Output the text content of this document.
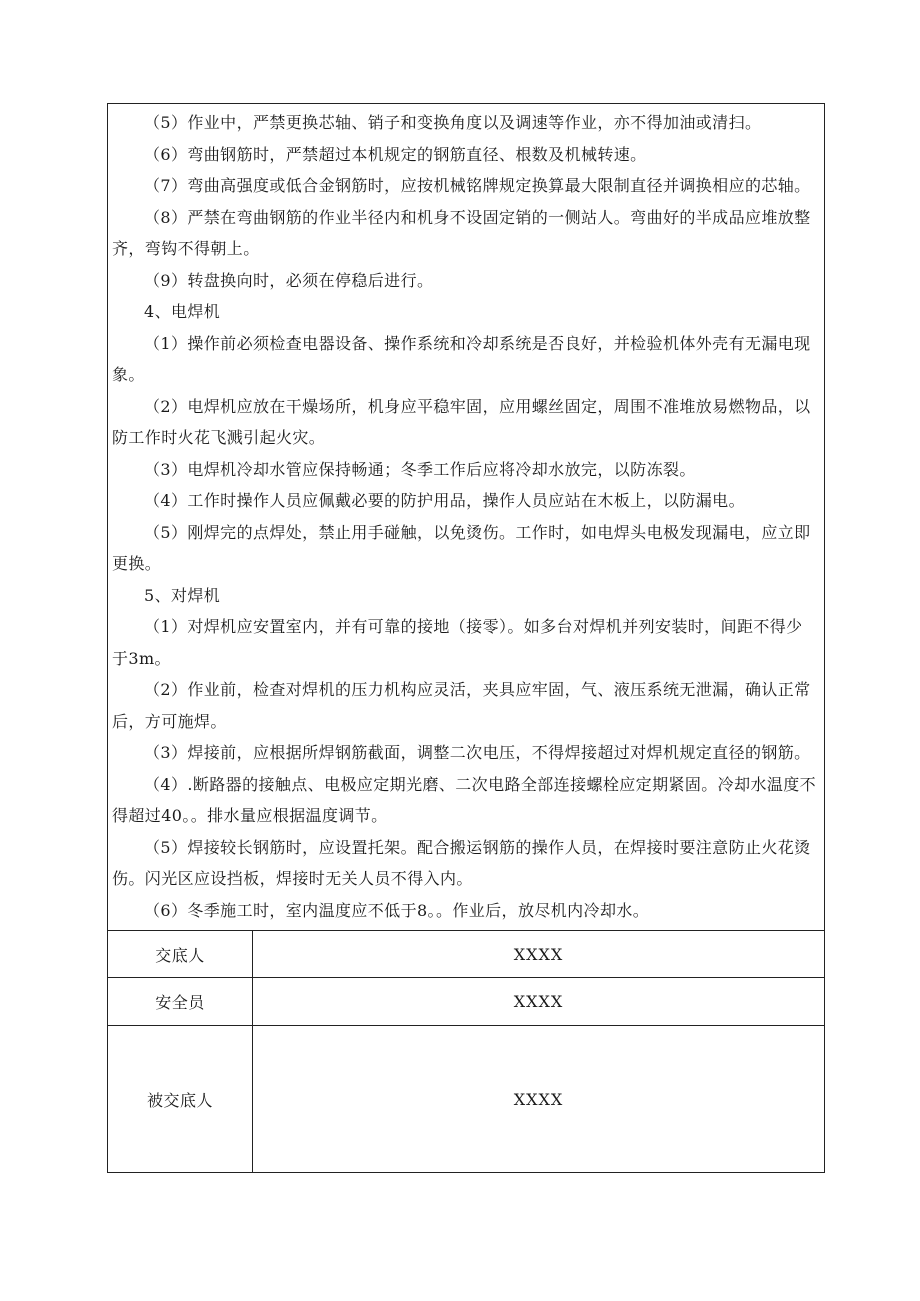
（5）作业中，严禁更换芯轴、销子和变换角度以及调速等作业，亦不得加油或清扫。

（6）弯曲钢筋时，严禁超过本机规定的钢筋直径、根数及机械转速。

（7）弯曲高强度或低合金钢筋时，应按机械铭牌规定换算最大限制直径并调换相应的芯轴。

（8）严禁在弯曲钢筋的作业半径内和机身不设固定销的一侧站人。弯曲好的半成品应堆放整齐，弯钩不得朝上。

（9）转盘换向时，必须在停稳后进行。

4、电焊机

（1）操作前必须检查电器设备、操作系统和冷却系统是否良好，并检验机体外壳有无漏电现象。

（2）电焊机应放在干燥场所，机身应平稳牢固，应用螺丝固定，周围不准堆放易燃物品，以防工作时火花飞溅引起火灾。

（3）电焊机冷却水管应保持畅通；冬季工作后应将冷却水放完，以防冻裂。

（4）工作时操作人员应佩戴必要的防护用品，操作人员应站在木板上，以防漏电。

（5）刚焊完的点焊处，禁止用手碰触，以免烫伤。工作时，如电焊头电极发现漏电，应立即更换。

5、对焊机

（1）对焊机应安置室内，并有可靠的接地（接零）。如多台对焊机并列安装时，间距不得少于3m。

（2）作业前，检查对焊机的压力机构应灵活，夹具应牢固，气、液压系统无泄漏，确认正常后，方可施焊。

（3）焊接前，应根据所焊钢筋截面，调整二次电压，不得焊接超过对焊机规定直径的钢筋。

（4）.断路器的接触点、电极应定期光磨、二次电路全部连接螺栓应定期紧固。冷却水温度不得超过40。。排水量应根据温度调节。

（5）焊接较长钢筋时，应设置托架。配合搬运钢筋的操作人员，在焊接时要注意防止火花烫伤。闪光区应设挡板，焊接时无关人员不得入内。

（6）冬季施工时，室内温度应不低于8。。作业后，放尽机内冷却水。

交底人	XXXX
安全员	XXXX
被交底人	XXXX
